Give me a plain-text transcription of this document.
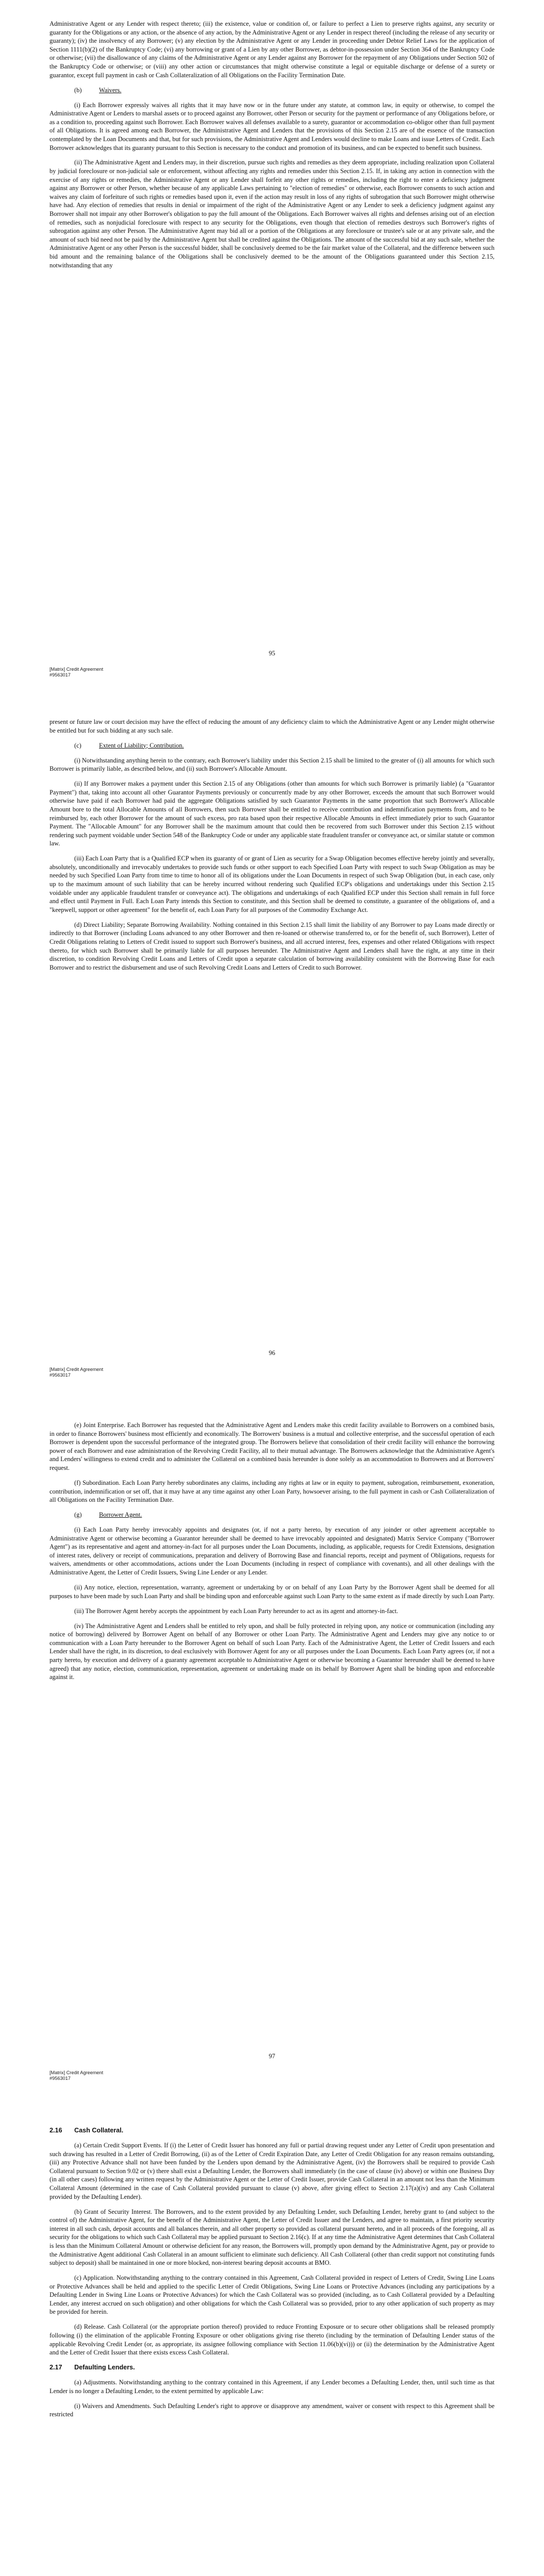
Administrative Agent or any Lender with respect thereto; (iii) the existence, value or condition of, or failure to perfect a Lien to preserve rights against, any security or guaranty for the Obligations or any action, or the absence of any action, by the Administrative Agent or any Lender in respect thereof (including the release of any security or guaranty); (iv) the insolvency of any Borrower; (v) any election by the Administrative Agent or any Lender in proceeding under Debtor Relief Laws for the application of Section 1111(b)(2) of the Bankruptcy Code; (vi) any borrowing or grant of a Lien by any other Borrower, as debtor-in-possession under Section 364 of the Bankruptcy Code or otherwise; (vii) the disallowance of any claims of the Administrative Agent or any Lender against any Borrower for the repayment of any Obligations under Section 502 of the Bankruptcy Code or otherwise; or (viii) any other action or circumstances that might otherwise constitute a legal or equitable discharge or defense of a surety or guarantor, except full payment in cash or Cash Collateralization of all Obligations on the Facility Termination Date.

(b)	Waivers.

(i) Each Borrower expressly waives all rights that it may have now or in the future under any statute, at common law, in equity or otherwise, to compel the Administrative Agent or Lenders to marshal assets or to proceed against any Borrower, other Person or security for the payment or performance of any Obligations before, or as a condition to, proceeding against such Borrower. Each Borrower waives all defenses available to a surety, guarantor or accommodation co-obligor other than full payment of all Obligations. It is agreed among each Borrower, the Administrative Agent and Lenders that the provisions of this Section 2.15 are of the essence of the transaction contemplated by the Loan Documents and that, but for such provisions, the Administrative Agent and Lenders would decline to make Loans and issue Letters of Credit. Each Borrower acknowledges that its guaranty pursuant to this Section is necessary to the conduct and promotion of its business, and can be expected to benefit such business.

(ii) The Administrative Agent and Lenders may, in their discretion, pursue such rights and remedies as they deem appropriate, including realization upon Collateral by judicial foreclosure or non-judicial sale or enforcement, without affecting any rights and remedies under this Section 2.15. If, in taking any action in connection with the exercise of any rights or remedies, the Administrative Agent or any Lender shall forfeit any other rights or remedies, including the right to enter a deficiency judgment against any Borrower or other Person, whether because of any applicable Laws pertaining to "election of remedies" or otherwise, each Borrower consents to such action and waives any claim of forfeiture of such rights or remedies based upon it, even if the action may result in loss of any rights of subrogation that such Borrower might otherwise have had. Any election of remedies that results in denial or impairment of the right of the Administrative Agent or any Lender to seek a deficiency judgment against any Borrower shall not impair any other Borrower's obligation to pay the full amount of the Obligations. Each Borrower waives all rights and defenses arising out of an election of remedies, such as nonjudicial foreclosure with respect to any security for the Obligations, even though that election of remedies destroys such Borrower's rights of subrogation against any other Person. The Administrative Agent may bid all or a portion of the Obligations at any foreclosure or trustee's sale or at any private sale, and the amount of such bid need not be paid by the Administrative Agent but shall be credited against the Obligations. The amount of the successful bid at any such sale, whether the Administrative Agent or any other Person is the successful bidder, shall be conclusively deemed to be the fair market value of the Collateral, and the difference between such bid amount and the remaining balance of the Obligations shall be conclusively deemed to be the amount of the Obligations guaranteed under this Section 2.15, notwithstanding that any

95
[Matrix] Credit Agreement
#9563017

present or future law or court decision may have the effect of reducing the amount of any deficiency claim to which the Administrative Agent or any Lender might otherwise be entitled but for such bidding at any such sale.

(c)	Extent of Liability; Contribution.

(i) Notwithstanding anything herein to the contrary, each Borrower's liability under this Section 2.15 shall be limited to the greater of (i) all amounts for which such Borrower is primarily liable, as described below, and (ii) such Borrower's Allocable Amount.

(ii) If any Borrower makes a payment under this Section 2.15 of any Obligations (other than amounts for which such Borrower is primarily liable) (a "Guarantor Payment") that, taking into account all other Guarantor Payments previously or concurrently made by any other Borrower, exceeds the amount that such Borrower would otherwise have paid if each Borrower had paid the aggregate Obligations satisfied by such Guarantor Payments in the same proportion that such Borrower's Allocable Amount bore to the total Allocable Amounts of all Borrowers, then such Borrower shall be entitled to receive contribution and indemnification payments from, and to be reimbursed by, each other Borrower for the amount of such excess, pro rata based upon their respective Allocable Amounts in effect immediately prior to such Guarantor Payment. The "Allocable Amount" for any Borrower shall be the maximum amount that could then be recovered from such Borrower under this Section 2.15 without rendering such payment voidable under Section 548 of the Bankruptcy Code or under any applicable state fraudulent transfer or conveyance act, or similar statute or common law.

(iii) Each Loan Party that is a Qualified ECP when its guaranty of or grant of Lien as security for a Swap Obligation becomes effective hereby jointly and severally, absolutely, unconditionally and irrevocably undertakes to provide such funds or other support to each Specified Loan Party with respect to such Swap Obligation as may be needed by such Specified Loan Party from time to time to honor all of its obligations under the Loan Documents in respect of such Swap Obligation (but, in each case, only up to the maximum amount of such liability that can be hereby incurred without rendering such Qualified ECP's obligations and undertakings under this Section 2.15 voidable under any applicable fraudulent transfer or conveyance act). The obligations and undertakings of each Qualified ECP under this Section shall remain in full force and effect until Payment in Full. Each Loan Party intends this Section to constitute, and this Section shall be deemed to constitute, a guarantee of the obligations of, and a "keepwell, support or other agreement" for the benefit of, each Loan Party for all purposes of the Commodity Exchange Act.

(d) Direct Liability; Separate Borrowing Availability. Nothing contained in this Section 2.15 shall limit the liability of any Borrower to pay Loans made directly or indirectly to that Borrower (including Loans advanced to any other Borrower and then re-loaned or otherwise transferred to, or for the benefit of, such Borrower), Letter of Credit Obligations relating to Letters of Credit issued to support such Borrower's business, and all accrued interest, fees, expenses and other related Obligations with respect thereto, for which such Borrower shall be primarily liable for all purposes hereunder. The Administrative Agent and Lenders shall have the right, at any time in their discretion, to condition Revolving Credit Loans and Letters of Credit upon a separate calculation of borrowing availability consistent with the Borrowing Base for each Borrower and to restrict the disbursement and use of such Revolving Credit Loans and Letters of Credit to such Borrower.

96
[Matrix] Credit Agreement
#9563017

(e) Joint Enterprise. Each Borrower has requested that the Administrative Agent and Lenders make this credit facility available to Borrowers on a combined basis, in order to finance Borrowers' business most efficiently and economically. The Borrowers' business is a mutual and collective enterprise, and the successful operation of each Borrower is dependent upon the successful performance of the integrated group. The Borrowers believe that consolidation of their credit facility will enhance the borrowing power of each Borrower and ease administration of the Revolving Credit Facility, all to their mutual advantage. The Borrowers acknowledge that the Administrative Agent's and Lenders' willingness to extend credit and to administer the Collateral on a combined basis hereunder is done solely as an accommodation to Borrowers and at Borrowers' request.

(f) Subordination. Each Loan Party hereby subordinates any claims, including any rights at law or in equity to payment, subrogation, reimbursement, exoneration, contribution, indemnification or set off, that it may have at any time against any other Loan Party, howsoever arising, to the full payment in cash or Cash Collateralization of all Obligations on the Facility Termination Date.

(g)	Borrower Agent.

(i) Each Loan Party hereby irrevocably appoints and designates (or, if not a party hereto, by execution of any joinder or other agreement acceptable to Administrative Agent or otherwise becoming a Guarantor hereunder shall be deemed to have irrevocably appointed and designated) Matrix Service Company ("Borrower Agent") as its representative and agent and attorney-in-fact for all purposes under the Loan Documents, including, as applicable, requests for Credit Extensions, designation of interest rates, delivery or receipt of communications, preparation and delivery of Borrowing Base and financial reports, receipt and payment of Obligations, requests for waivers, amendments or other accommodations, actions under the Loan Documents (including in respect of compliance with covenants), and all other dealings with the Administrative Agent, the Letter of Credit Issuers, Swing Line Lender or any Lender.

(ii) Any notice, election, representation, warranty, agreement or undertaking by or on behalf of any Loan Party by the Borrower Agent shall be deemed for all purposes to have been made by such Loan Party and shall be binding upon and enforceable against such Loan Party to the same extent as if made directly by such Loan Party.

(iii) The Borrower Agent hereby accepts the appointment by each Loan Party hereunder to act as its agent and attorney-in-fact.

(iv) The Administrative Agent and Lenders shall be entitled to rely upon, and shall be fully protected in relying upon, any notice or communication (including any notice of borrowing) delivered by Borrower Agent on behalf of any Borrower or other Loan Party. The Administrative Agent and Lenders may give any notice to or communication with a Loan Party hereunder to the Borrower Agent on behalf of such Loan Party. Each of the Administrative Agent, the Letter of Credit Issuers and each Lender shall have the right, in its discretion, to deal exclusively with Borrower Agent for any or all purposes under the Loan Documents. Each Loan Party agrees (or, if not a party hereto, by execution and delivery of a guaranty agreement acceptable to Administrative Agent or otherwise becoming a Guarantor hereunder shall be deemed to have agreed) that any notice, election, communication, representation, agreement or undertaking made on its behalf by Borrower Agent shall be binding upon and enforceable against it.

97
[Matrix] Credit Agreement
#9563017

2.16 Cash Collateral.

(a) Certain Credit Support Events. If (i) the Letter of Credit Issuer has honored any full or partial drawing request under any Letter of Credit upon presentation and such drawing has resulted in a Letter of Credit Borrowing, (ii) as of the Letter of Credit Expiration Date, any Letter of Credit Obligation for any reason remains outstanding, (iii) any Protective Advance shall not have been funded by the Lenders upon demand by the Administrative Agent, (iv) the Borrowers shall be required to provide Cash Collateral pursuant to Section 9.02 or (v) there shall exist a Defaulting Lender, the Borrowers shall immediately (in the case of clause (iv) above) or within one Business Day (in all other cases) following any written request by the Administrative Agent or the Letter of Credit Issuer, provide Cash Collateral in an amount not less than the Minimum Collateral Amount (determined in the case of Cash Collateral provided pursuant to clause (v) above, after giving effect to Section 2.17(a)(iv) and any Cash Collateral provided by the Defaulting Lender).

(b) Grant of Security Interest. The Borrowers, and to the extent provided by any Defaulting Lender, such Defaulting Lender, hereby grant to (and subject to the control of) the Administrative Agent, for the benefit of the Administrative Agent, the Letter of Credit Issuer and the Lenders, and agree to maintain, a first priority security interest in all such cash, deposit accounts and all balances therein, and all other property so provided as collateral pursuant hereto, and in all proceeds of the foregoing, all as security for the obligations to which such Cash Collateral may be applied pursuant to Section 2.16(c). If at any time the Administrative Agent determines that Cash Collateral is less than the Minimum Collateral Amount or otherwise deficient for any reason, the Borrowers will, promptly upon demand by the Administrative Agent, pay or provide to the Administrative Agent additional Cash Collateral in an amount sufficient to eliminate such deficiency. All Cash Collateral (other than credit support not constituting funds subject to deposit) shall be maintained in one or more blocked, non-interest bearing deposit accounts at BMO.

(c) Application. Notwithstanding anything to the contrary contained in this Agreement, Cash Collateral provided in respect of Letters of Credit, Swing Line Loans or Protective Advances shall be held and applied to the specific Letter of Credit Obligations, Swing Line Loans or Protective Advances (including any participations by a Defaulting Lender in Swing Line Loans or Protective Advances) for which the Cash Collateral was so provided (including, as to Cash Collateral provided by a Defaulting Lender, any interest accrued on such obligation) and other obligations for which the Cash Collateral was so provided, prior to any other application of such property as may be provided for herein.

(d) Release. Cash Collateral (or the appropriate portion thereof) provided to reduce Fronting Exposure or to secure other obligations shall be released promptly following (i) the elimination of the applicable Fronting Exposure or other obligations giving rise thereto (including by the termination of Defaulting Lender status of the applicable Revolving Credit Lender (or, as appropriate, its assignee following compliance with Section 11.06(b)(vi))) or (ii) the determination by the Administrative Agent and the Letter of Credit Issuer that there exists excess Cash Collateral.

2.17 Defaulting Lenders.

(a) Adjustments. Notwithstanding anything to the contrary contained in this Agreement, if any Lender becomes a Defaulting Lender, then, until such time as that Lender is no longer a Defaulting Lender, to the extent permitted by applicable Law:

(i) Waivers and Amendments. Such Defaulting Lender's right to approve or disapprove any amendment, waiver or consent with respect to this Agreement shall be restricted
